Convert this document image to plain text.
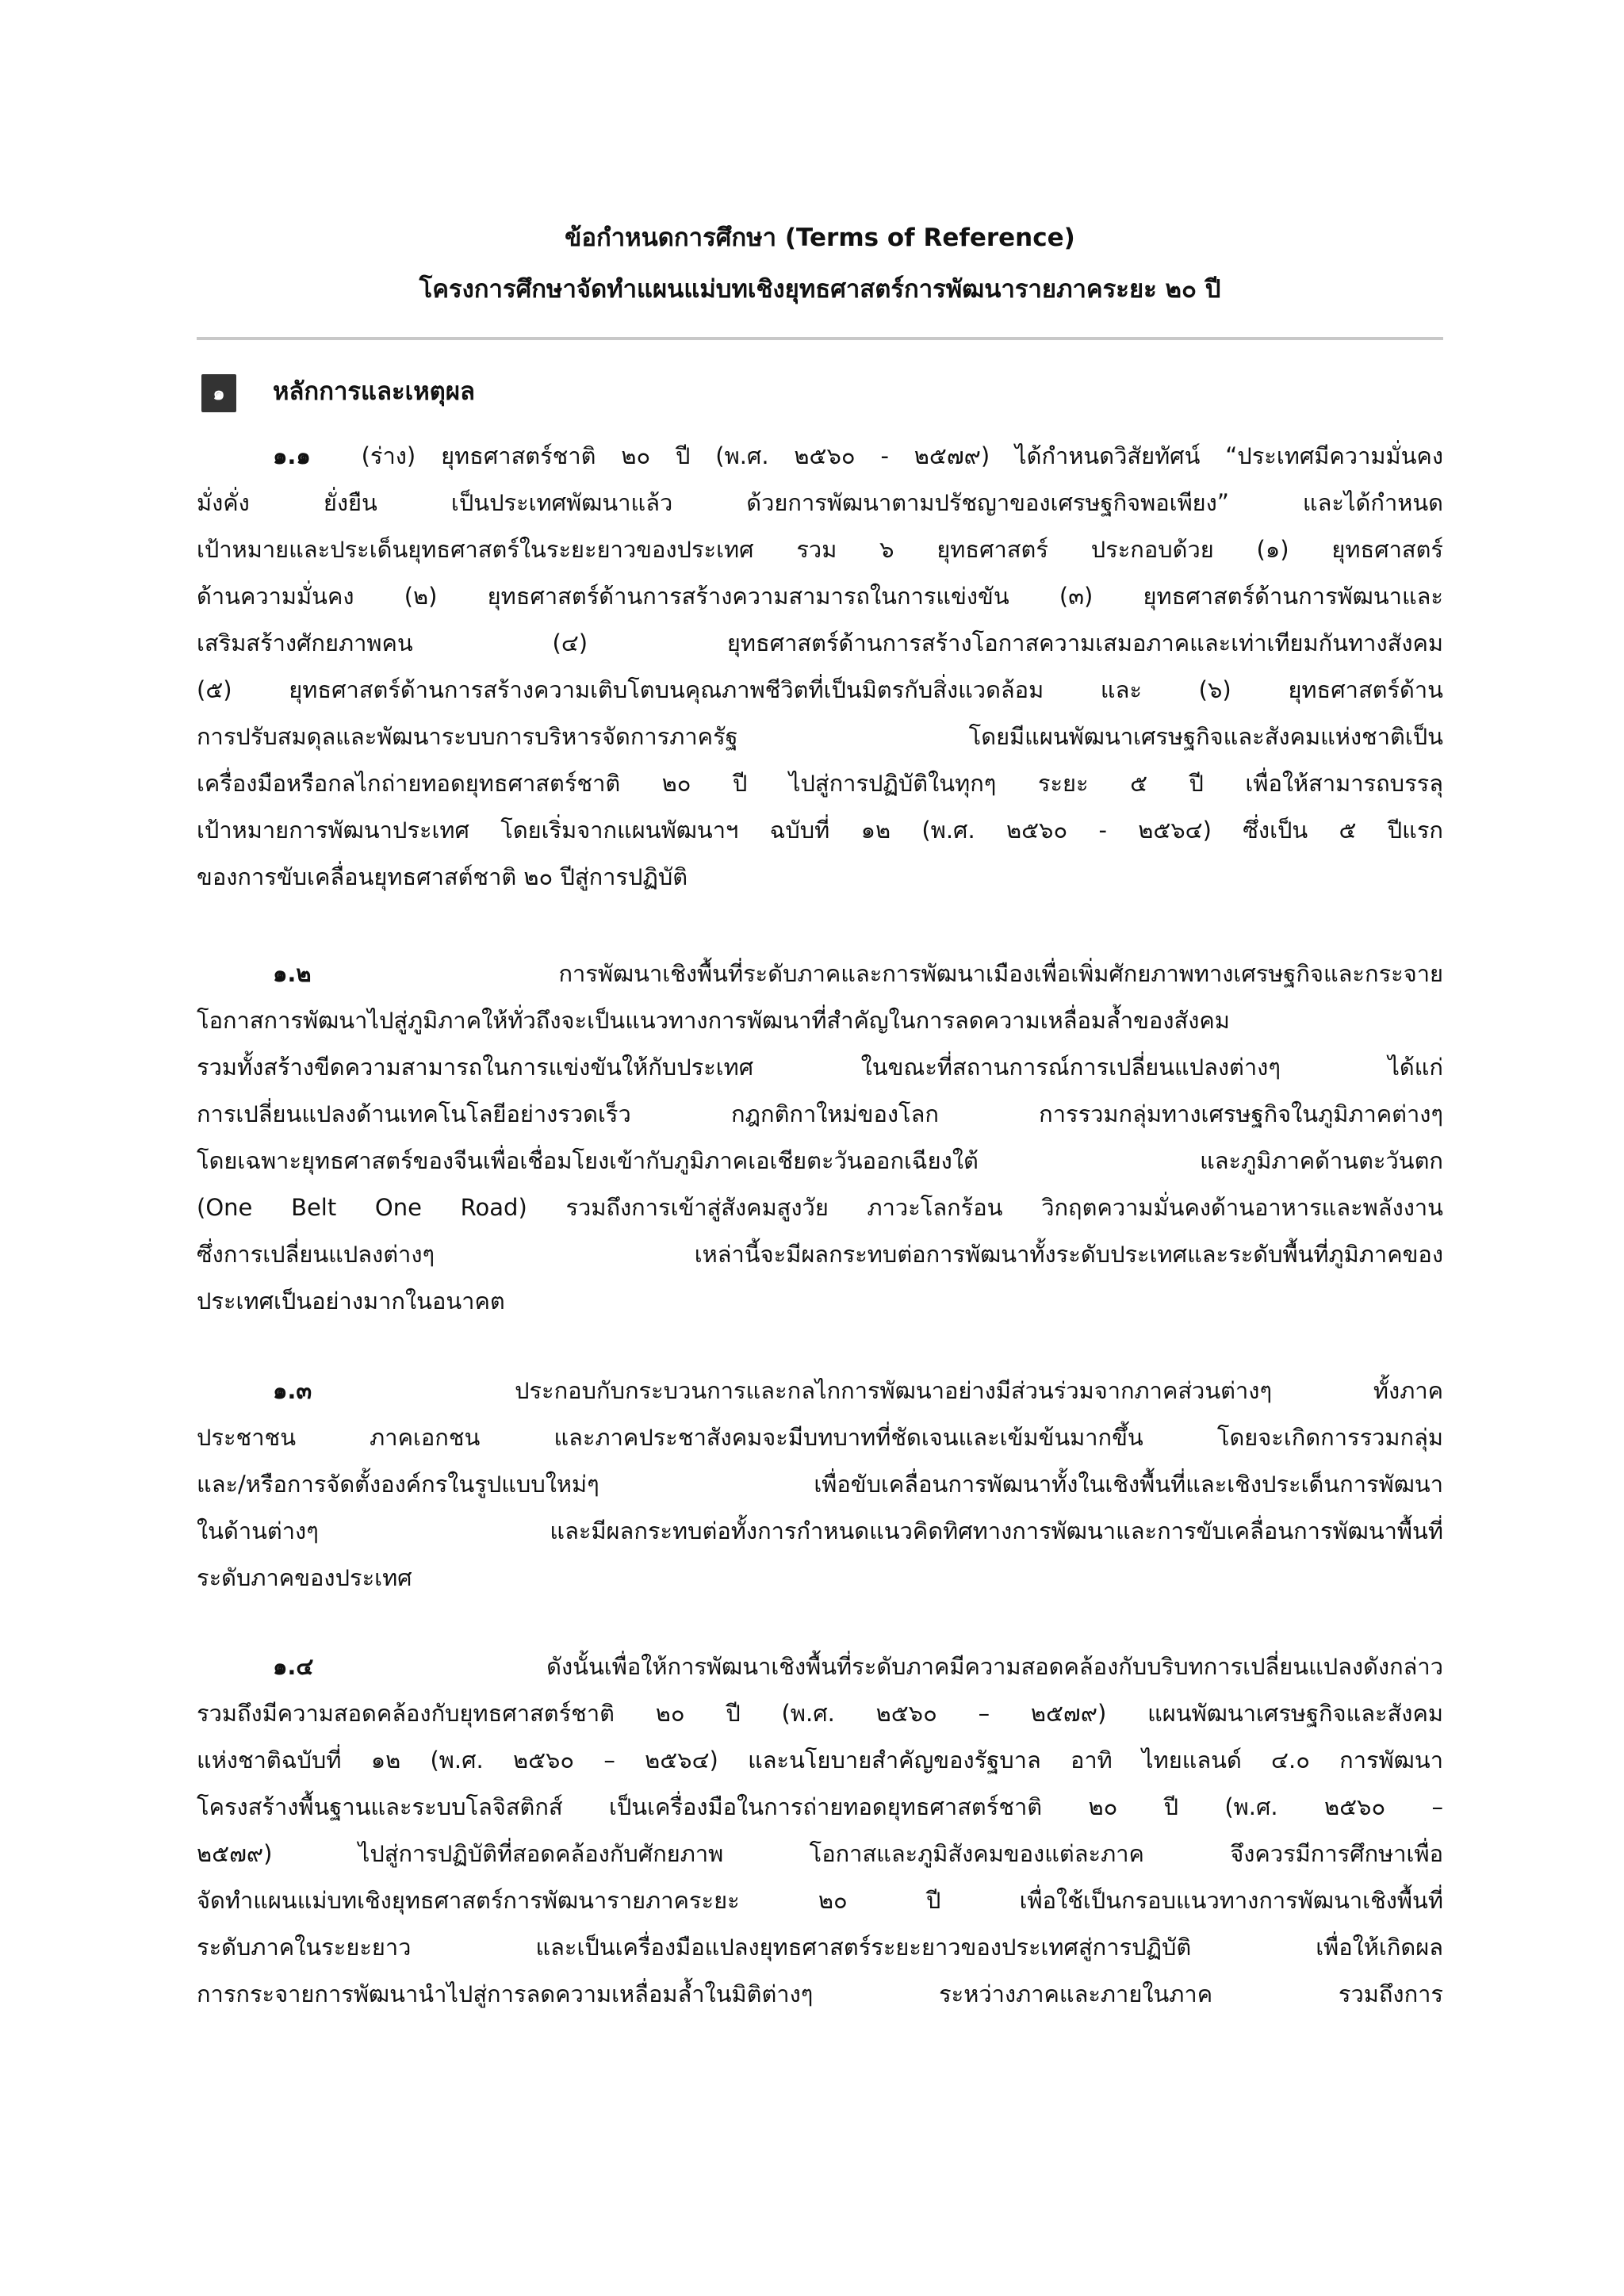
ข้อกำหนดการศึกษา (Terms of Reference)
โครงการศึกษาจัดทำแผนแม่บทเชิงยุทธศาสตร์การพัฒนารายภาคระยะ ๒๐ ปี
๑	หลักการและเหตุผล
๑.๑ (ร่าง) ยุทธศาสตร์ชาติ ๒๐ ปี (พ.ศ. ๒๕๖๐ - ๒๕๗๙) ได้กำหนดวิสัยทัศน์ “ประเทศมีความมั่นคง
มั่งคั่ง ยั่งยืน เป็นประเทศพัฒนาแล้ว ด้วยการพัฒนาตามปรัชญาของเศรษฐกิจพอเพียง” และได้กำหนด
เป้าหมายและประเด็นยุทธศาสตร์ในระยะยาวของประเทศ รวม ๖ ยุทธศาสตร์ ประกอบด้วย (๑) ยุทธศาสตร์
ด้านความมั่นคง (๒) ยุทธศาสตร์ด้านการสร้างความสามารถในการแข่งขัน (๓) ยุทธศาสตร์ด้านการพัฒนาและ
เสริมสร้างศักยภาพคน (๔) ยุทธศาสตร์ด้านการสร้างโอกาสความเสมอภาคและเท่าเทียมกันทางสังคม
(๕) ยุทธศาสตร์ด้านการสร้างความเติบโตบนคุณภาพชีวิตที่เป็นมิตรกับสิ่งแวดล้อม และ (๖) ยุทธศาสตร์ด้าน
การปรับสมดุลและพัฒนาระบบการบริหารจัดการภาครัฐ โดยมีแผนพัฒนาเศรษฐกิจและสังคมแห่งชาติเป็น
เครื่องมือหรือกลไกถ่ายทอดยุทธศาสตร์ชาติ ๒๐ ปี ไปสู่การปฏิบัติในทุกๆ ระยะ ๕ ปี เพื่อให้สามารถบรรลุ
เป้าหมายการพัฒนาประเทศ โดยเริ่มจากแผนพัฒนาฯ ฉบับที่ ๑๒ (พ.ศ. ๒๕๖๐ - ๒๕๖๔) ซึ่งเป็น ๕ ปีแรก
ของการขับเคลื่อนยุทธศาสต์ชาติ ๒๐ ปีสู่การปฏิบัติ
๑.๒	การพัฒนาเชิงพื้นที่ระดับภาคและการพัฒนาเมืองเพื่อเพิ่มศักยภาพทางเศรษฐกิจและกระจาย
โอกาสการพัฒนาไปสู่ภูมิภาคให้ทั่วถึงจะเป็นแนวทางการพัฒนาที่สำคัญในการลดความเหลื่อมล้ำของสังคม
รวมทั้งสร้างขีดความสามารถในการแข่งขันให้กับประเทศ ในขณะที่สถานการณ์การเปลี่ยนแปลงต่างๆ ได้แก่
การเปลี่ยนแปลงด้านเทคโนโลยีอย่างรวดเร็ว กฎกติกาใหม่ของโลก การรวมกลุ่มทางเศรษฐกิจในภูมิภาคต่างๆ
โดยเฉพาะยุทธศาสตร์ของจีนเพื่อเชื่อมโยงเข้ากับภูมิภาคเอเชียตะวันออกเฉียงใต้ และภูมิภาคด้านตะวันตก
(One Belt One Road) รวมถึงการเข้าสู่สังคมสูงวัย ภาวะโลกร้อน วิกฤตความมั่นคงด้านอาหารและพลังงาน
ซึ่งการเปลี่ยนแปลงต่างๆ เหล่านี้จะมีผลกระทบต่อการพัฒนาทั้งระดับประเทศและระดับพื้นที่ภูมิภาคของ
ประเทศเป็นอย่างมากในอนาคต
๑.๓	ประกอบกับกระบวนการและกลไกการพัฒนาอย่างมีส่วนร่วมจากภาคส่วนต่างๆ ทั้งภาค
ประชาชน ภาคเอกชน และภาคประชาสังคมจะมีบทบาทที่ชัดเจนและเข้มข้นมากขึ้น โดยจะเกิดการรวมกลุ่ม
และ/หรือการจัดตั้งองค์กรในรูปแบบใหม่ๆ เพื่อขับเคลื่อนการพัฒนาทั้งในเชิงพื้นที่และเชิงประเด็นการพัฒนา
ในด้านต่างๆ และมีผลกระทบต่อทั้งการกำหนดแนวคิดทิศทางการพัฒนาและการขับเคลื่อนการพัฒนาพื้นที่
ระดับภาคของประเทศ
๑.๔	ดังนั้นเพื่อให้การพัฒนาเชิงพื้นที่ระดับภาคมีความสอดคล้องกับบริบทการเปลี่ยนแปลงดังกล่าว
รวมถึงมีความสอดคล้องกับยุทธศาสตร์ชาติ ๒๐ ปี (พ.ศ. ๒๕๖๐ – ๒๕๗๙) แผนพัฒนาเศรษฐกิจและสังคม
แห่งชาติฉบับที่ ๑๒ (พ.ศ. ๒๕๖๐ – ๒๕๖๔) และนโยบายสำคัญของรัฐบาล อาทิ ไทยแลนด์ ๔.๐ การพัฒนา
โครงสร้างพื้นฐานและระบบโลจิสติกส์ เป็นเครื่องมือในการถ่ายทอดยุทธศาสตร์ชาติ ๒๐ ปี (พ.ศ. ๒๕๖๐ –
๒๕๗๙) ไปสู่การปฏิบัติที่สอดคล้องกับศักยภาพ โอกาสและภูมิสังคมของแต่ละภาค จึงควรมีการศึกษาเพื่อ
จัดทำแผนแม่บทเชิงยุทธศาสตร์การพัฒนารายภาคระยะ ๒๐ ปี เพื่อใช้เป็นกรอบแนวทางการพัฒนาเชิงพื้นที่
ระดับภาคในระยะยาว และเป็นเครื่องมือแปลงยุทธศาสตร์ระยะยาวของประเทศสู่การปฏิบัติ เพื่อให้เกิดผล
การกระจายการพัฒนานำไปสู่การลดความเหลื่อมล้ำในมิติต่างๆ ระหว่างภาคและภายในภาค รวมถึงการ
